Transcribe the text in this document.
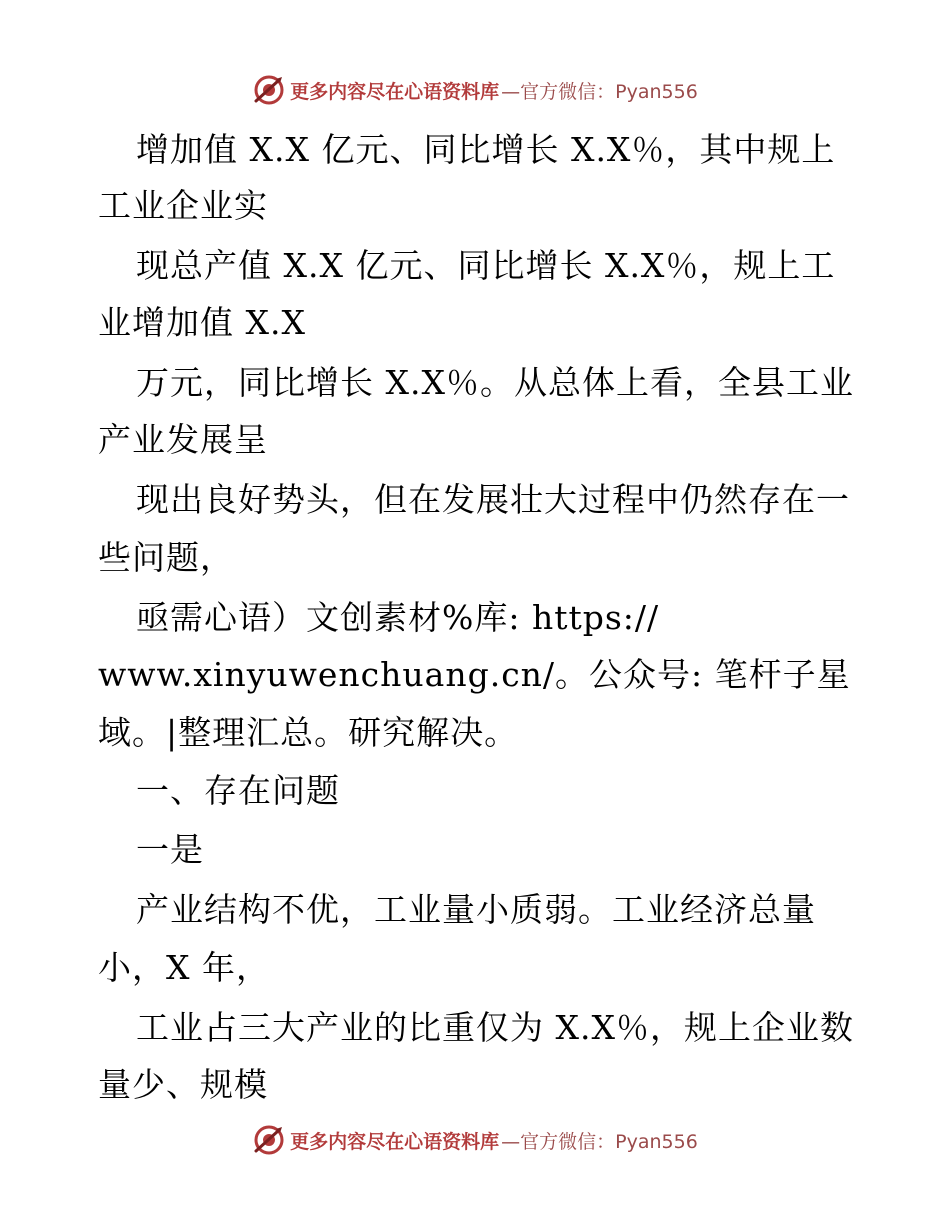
更多内容尽在心语资料库 —官方微信：Pyan556
增加值 X.X 亿元、同比增长 X.X％，其中规上
工业企业实
现总产值 X.X 亿元、同比增长 X.X％，规上工
业增加值 X.X
万元，同比增长 X.X％。从总体上看，全县工业
产业发展呈
现出良好势头，但在发展壮大过程中仍然存在一
些问题，
亟需心语）文创素材%库: https://
www.xinyuwenchuang.cn/。公众号: 笔杆子星
域。|整理汇总。研究解决。
一、存在问题
一是
产业结构不优，工业量小质弱。工业经济总量
小，X 年，
工业占三大产业的比重仅为 X.X％，规上企业数
量少、规模
更多内容尽在心语资料库 —官方微信：Pyan556
